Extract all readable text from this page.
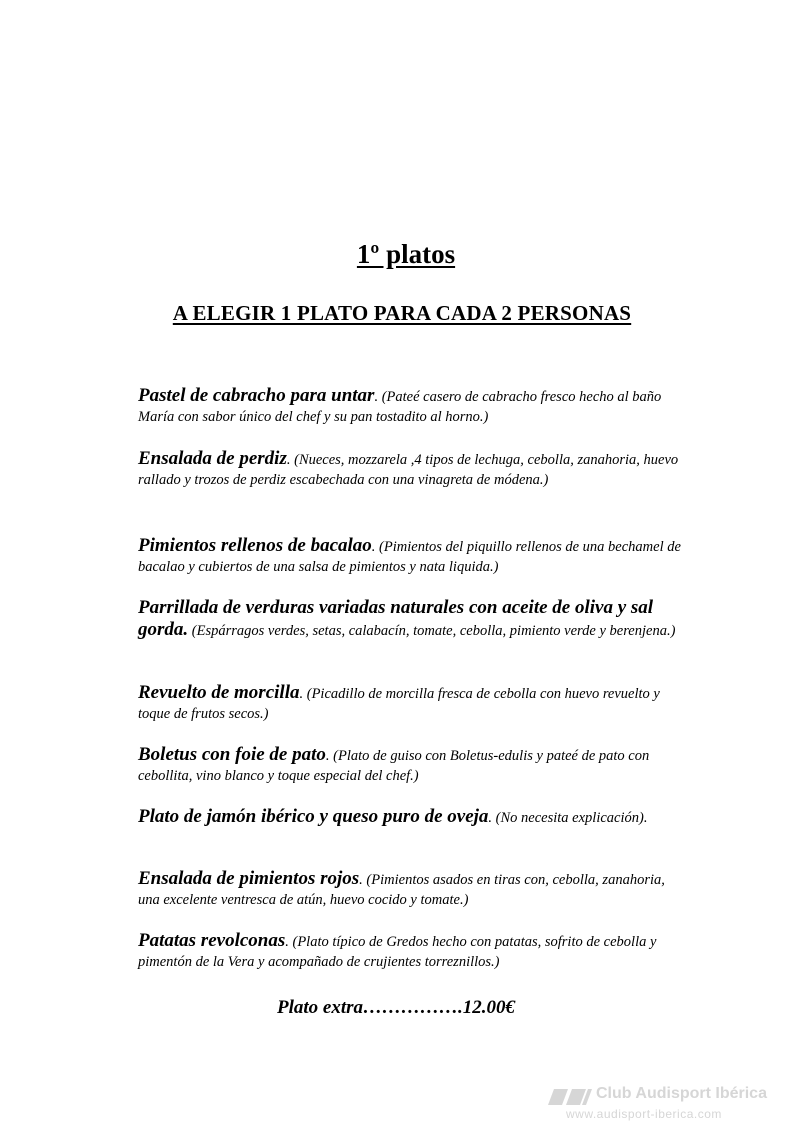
1º platos
A ELEGIR 1 PLATO PARA CADA 2 PERSONAS

Pastel de cabracho para untar. (Pateé casero de cabracho fresco hecho al baño María con sabor único del chef y su pan tostadito al horno.)

Ensalada de perdiz. (Nueces, mozzarela ,4 tipos de lechuga, cebolla, zanahoria, huevo rallado y trozos de perdiz escabechada con una vinagreta de módena.)

Pimientos rellenos de bacalao. (Pimientos del piquillo rellenos de una bechamel de bacalao y cubiertos de una salsa de pimientos y nata liquida.)

Parrillada de verduras variadas naturales con aceite de oliva y sal gorda. (Espárragos verdes, setas, calabacín, tomate, cebolla, pimiento verde y berenjena.)

Revuelto de morcilla. (Picadillo de morcilla fresca de cebolla con huevo revuelto y toque de frutos secos.)

Boletus con foie de pato. (Plato de guiso con Boletus-edulis y pateé de pato con cebollita, vino blanco y toque especial del chef.)

Plato de jamón ibérico y queso puro de oveja. (No necesita explicación).

Ensalada de pimientos rojos. (Pimientos asados en tiras con, cebolla, zanahoria, una excelente ventresca de atún, huevo cocido y tomate.)

Patatas revolconas. (Plato típico de Gredos hecho con patatas, sofrito de cebolla y pimentón de la Vera y acompañado de crujientes torreznillos.)

Plato extra…………….12.00€

Club Audisport Ibérica
www.audisport-iberica.com
